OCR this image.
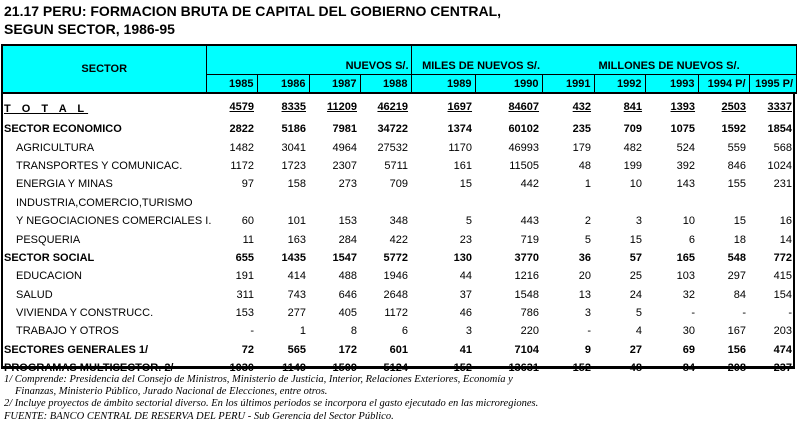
21.17 PERU: FORMACION BRUTA DE CAPITAL DEL GOBIERNO CENTRAL,
SEGUN SECTOR, 1986-95
SECTOR	NUEVOS S/.				MILES DE NUEVOS S/.		MILLONES DE NUEVOS S/.				
	1985	1986	1987	1988	1989	1990	1991	1992	1993	1994 P/	1995 P/
T O T A L	4579	8335	11209	46219	1697	84607	432	841	1393	2503	3337
SECTOR ECONOMICO	2822	5186	7981	34722	1374	60102	235	709	1075	1592	1854
AGRICULTURA	1482	3041	4964	27532	1170	46993	179	482	524	559	568
TRANSPORTES Y COMUNICAC.	1172	1723	2307	5711	161	11505	48	199	392	846	1024
ENERGIA Y MINAS	97	158	273	709	15	442	1	10	143	155	231
INDUSTRIA,COMERCIO,TURISMO											
Y NEGOCIACIONES COMERCIALES I.	60	101	153	348	5	443	2	3	10	15	16
PESQUERIA	11	163	284	422	23	719	5	15	6	18	14
SECTOR SOCIAL	655	1435	1547	5772	130	3770	36	57	165	548	772
EDUCACION	191	414	488	1946	44	1216	20	25	103	297	415
SALUD	311	743	646	2648	37	1548	13	24	32	84	154
VIVIENDA Y CONSTRUCC.	153	277	405	1172	46	786	3	5	-	-	-
TRABAJO Y OTROS	-	1	8	6	3	220	-	4	30	167	203
SECTORES GENERALES 1/	72	565	172	601	41	7104	9	27	69	156	474
PROGRAMAS MULTISECTOR. 2/	1030	1149	1509	5124	152	13631	152	48	84	208	237
1/ Comprende: Presidencia del Consejo de Ministros, Ministerio de Justicia, Interior, Relaciones Exteriores, Economía y
Finanzas, Ministerio Público, Jurado Nacional de Elecciones, entre otros.
2/ Incluye proyectos de ámbito sectorial diverso. En los últimos periodos se incorpora el gasto ejecutado en las microregiones.
FUENTE: BANCO CENTRAL DE RESERVA DEL PERU - Sub Gerencia del Sector Público.
